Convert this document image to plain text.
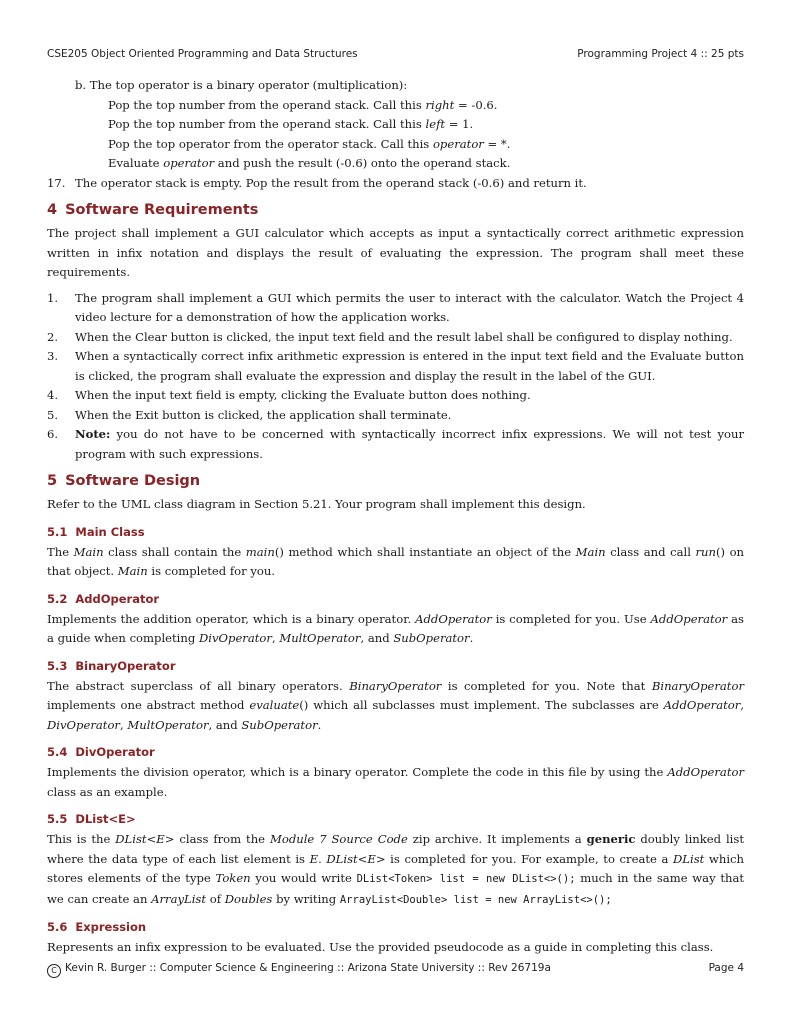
CSE205 Object Oriented Programming and Data Structures	Programming Project 4 :: 25 pts
b. The top operator is a binary operator (multiplication):
Pop the top number from the operand stack. Call this right = -0.6.
Pop the top number from the operand stack. Call this left = 1.
Pop the top operator from the operator stack. Call this operator = *.
Evaluate operator and push the result (-0.6) onto the operand stack.
17. The operator stack is empty. Pop the result from the operand stack (-0.6) and return it.
4 Software Requirements

The project shall implement a GUI calculator which accepts as input a syntactically correct arithmetic expression written in infix notation and displays the result of evaluating the expression. The program shall meet these requirements.

1. The program shall implement a GUI which permits the user to interact with the calculator. Watch the Project 4 video lecture for a demonstration of how the application works.
2. When the Clear button is clicked, the input text field and the result label shall be configured to display nothing.
3. When a syntactically correct infix arithmetic expression is entered in the input text field and the Evaluate button is clicked, the program shall evaluate the expression and display the result in the label of the GUI.
4. When the input text field is empty, clicking the Evaluate button does nothing.
5. When the Exit button is clicked, the application shall terminate.
6. Note: you do not have to be concerned with syntactically incorrect infix expressions. We will not test your program with such expressions.
5 Software Design

Refer to the UML class diagram in Section 5.21. Your program shall implement this design.

5.1 Main Class

The Main class shall contain the main() method which shall instantiate an object of the Main class and call run() on that object. Main is completed for you.

5.2 AddOperator

Implements the addition operator, which is a binary operator. AddOperator is completed for you. Use AddOperator as a guide when completing DivOperator, MultOperator, and SubOperator.

5.3 BinaryOperator

The abstract superclass of all binary operators. BinaryOperator is completed for you. Note that BinaryOperator implements one abstract method evaluate() which all subclasses must implement. The subclasses are AddOperator, DivOperator, MultOperator, and SubOperator.

5.4 DivOperator

Implements the division operator, which is a binary operator. Complete the code in this file by using the AddOperator class as an example.

5.5 DList<E>

This is the DList<E> class from the Module 7 Source Code zip archive. It implements a generic doubly linked list where the data type of each list element is E. DList<E> is completed for you. For example, to create a DList which stores elements of the type Token you would write DList<Token> list = new DList<>(); much in the same way that we can create an ArrayList of Doubles by writing ArrayList<Double> list = new ArrayList<>();

5.6 Expression

Represents an infix expression to be evaluated. Use the provided pseudocode as a guide in completing this class.

C Kevin R. Burger :: Computer Science & Engineering :: Arizona State University :: Rev 26719a	Page 4
